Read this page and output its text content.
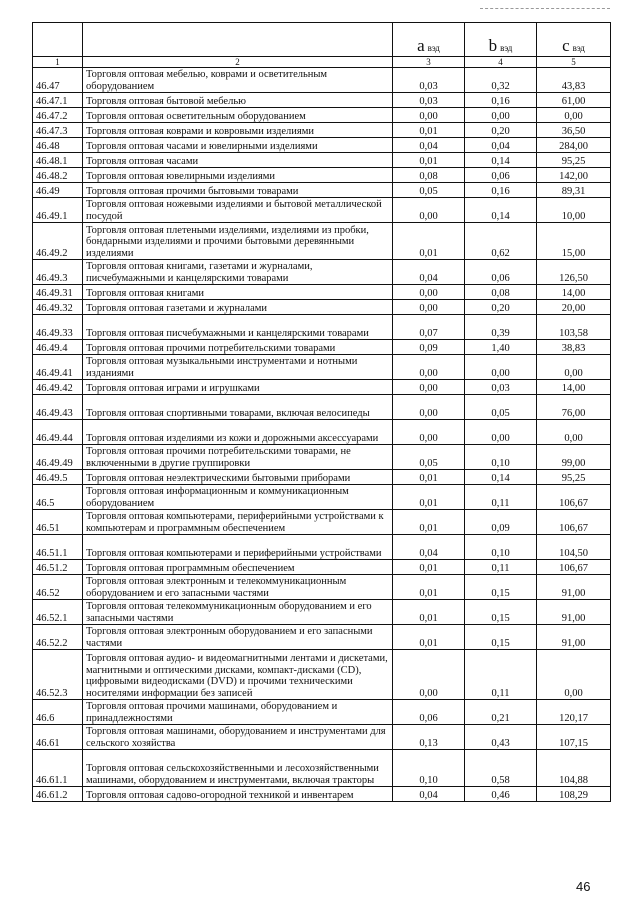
		a вэд	b вэд	c вэд
1	2	3	4	5
46.47	Торговля оптовая мебелью, коврами и осветительным оборудованием	0,03	0,32	43,83
46.47.1	Торговля оптовая бытовой мебелью	0,03	0,16	61,00
46.47.2	Торговля оптовая осветительным оборудованием	0,00	0,00	0,00
46.47.3	Торговля оптовая коврами и ковровыми изделиями	0,01	0,20	36,50
46.48	Торговля оптовая часами и ювелирными изделиями	0,04	0,04	284,00
46.48.1	Торговля оптовая часами	0,01	0,14	95,25
46.48.2	Торговля оптовая ювелирными изделиями	0,08	0,06	142,00
46.49	Торговля оптовая прочими бытовыми товарами	0,05	0,16	89,31
46.49.1	Торговля оптовая ножевыми изделиями и бытовой металлической посудой	0,00	0,14	10,00
46.49.2	Торговля оптовая плетеными изделиями, изделиями из пробки, бондарными изделиями и прочими бытовыми деревянными изделиями	0,01	0,62	15,00
46.49.3	Торговля оптовая книгами, газетами и журналами, писчебумажными и канцелярскими товарами	0,04	0,06	126,50
46.49.31	Торговля оптовая книгами	0,00	0,08	14,00
46.49.32	Торговля оптовая газетами и журналами	0,00	0,20	20,00
46.49.33	Торговля оптовая писчебумажными и канцелярскими товарами	0,07	0,39	103,58
46.49.4	Торговля оптовая прочими потребительскими товарами	0,09	1,40	38,83
46.49.41	Торговля оптовая музыкальными инструментами и нотными изданиями	0,00	0,00	0,00
46.49.42	Торговля оптовая играми и игрушками	0,00	0,03	14,00
46.49.43	Торговля оптовая спортивными товарами, включая велосипеды	0,00	0,05	76,00
46.49.44	Торговля оптовая изделиями из кожи и дорожными аксессуарами	0,00	0,00	0,00
46.49.49	Торговля оптовая прочими потребительскими товарами, не включенными в другие группировки	0,05	0,10	99,00
46.49.5	Торговля оптовая неэлектрическими бытовыми приборами	0,01	0,14	95,25
46.5	Торговля оптовая информационным и коммуникационным оборудованием	0,01	0,11	106,67
46.51	Торговля оптовая компьютерами, периферийными устройствами к компьютерам и программным обеспечением	0,01	0,09	106,67
46.51.1	Торговля оптовая компьютерами и периферийными устройствами	0,04	0,10	104,50
46.51.2	Торговля оптовая программным обеспечением	0,01	0,11	106,67
46.52	Торговля оптовая электронным и телекоммуникационным оборудованием и его запасными частями	0,01	0,15	91,00
46.52.1	Торговля оптовая телекоммуникационным оборудованием и его запасными частями	0,01	0,15	91,00
46.52.2	Торговля оптовая электронным оборудованием и его запасными частями	0,01	0,15	91,00
46.52.3	Торговля оптовая аудио- и видеомагнитными лентами и дискетами, магнитными и оптическими дисками, компакт-дисками (CD), цифровыми видеодисками (DVD) и прочими техническими носителями информации без записей	0,00	0,11	0,00
46.6	Торговля оптовая прочими машинами, оборудованием и принадлежностями	0,06	0,21	120,17
46.61	Торговля оптовая машинами, оборудованием и инструментами для сельского хозяйства	0,13	0,43	107,15
46.61.1	Торговля оптовая сельскохозяйственными и лесохозяйственными машинами, оборудованием и инструментами, включая тракторы	0,10	0,58	104,88
46.61.2	Торговля оптовая садово-огородной техникой и инвентарем	0,04	0,46	108,29
46
